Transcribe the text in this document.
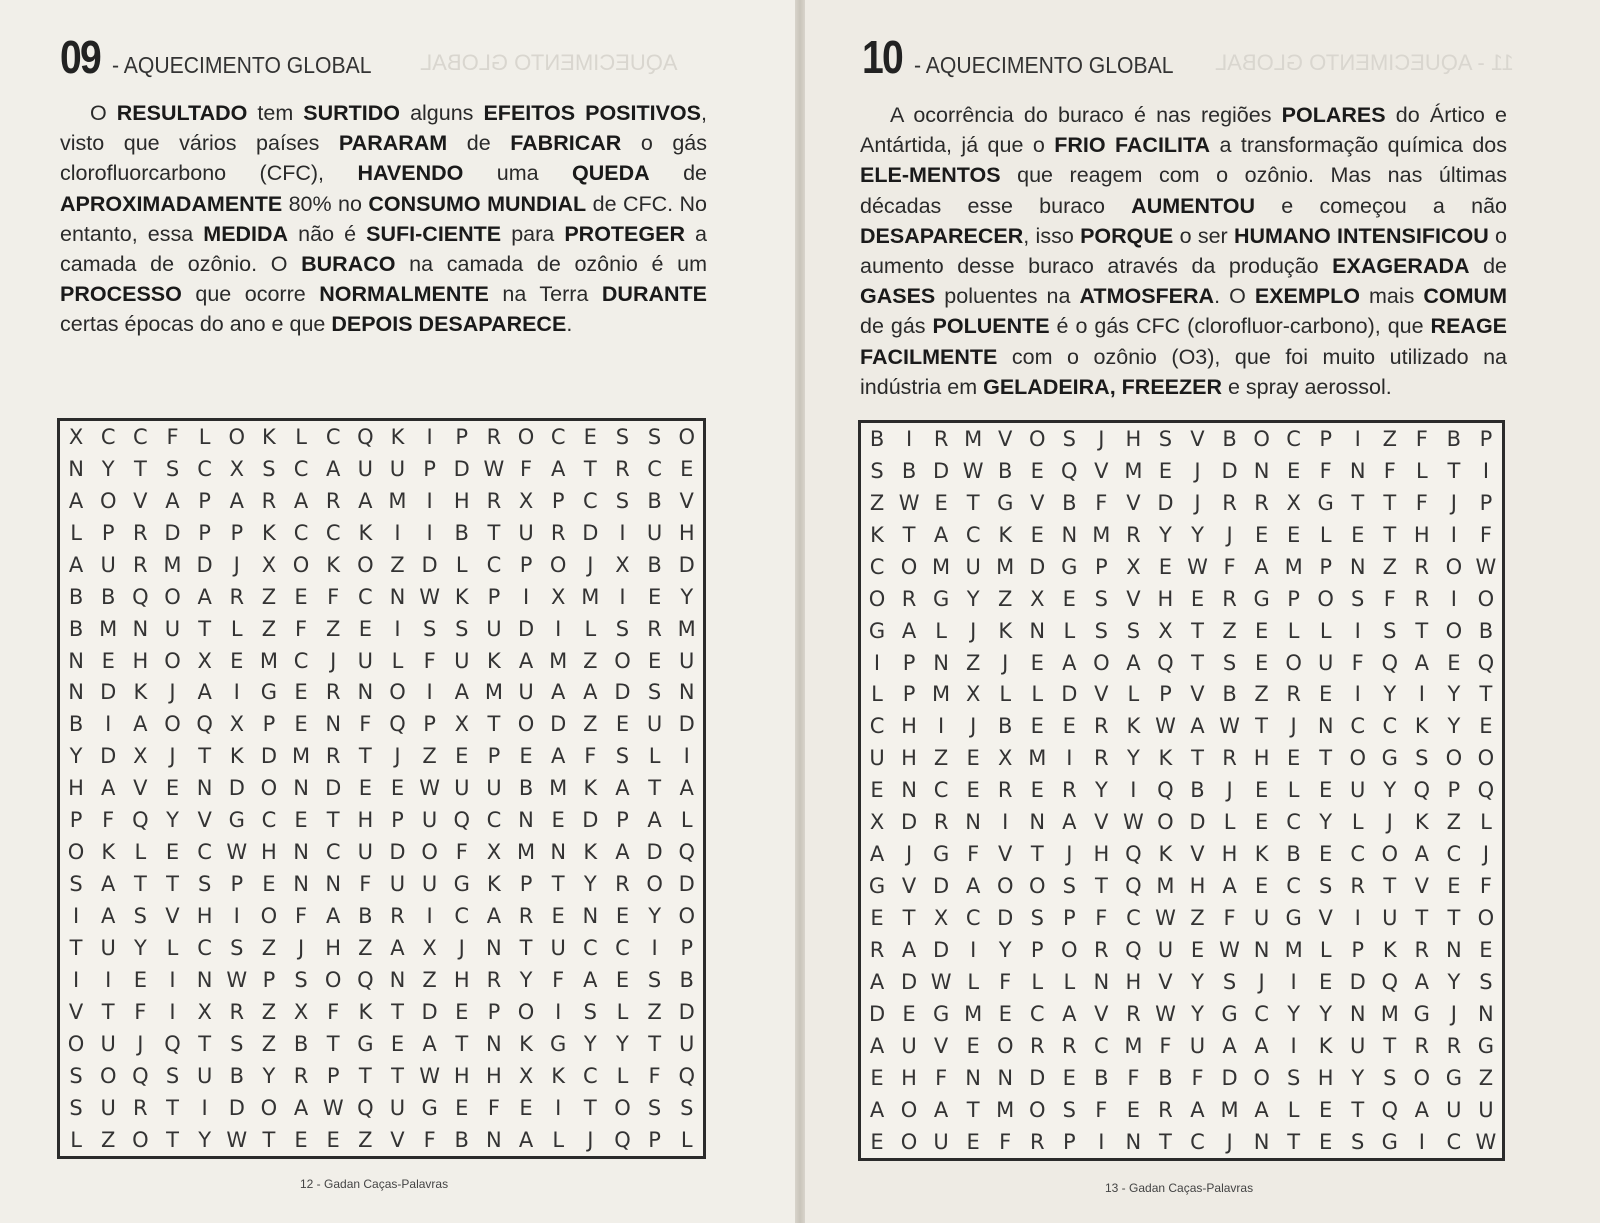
AQUECIMENTO GLOBAL
09 - AQUECIMENTO GLOBAL
O RESULTADO tem SURTIDO alguns EFEITOS POSITIVOS, visto que vários países PARARAM de FABRICAR o gás clorofluorcarbono (CFC), HAVENDO uma QUEDA de APROXIMADAMENTE 80% no CONSUMO MUNDIAL de CFC. No entanto, essa MEDIDA não é SUFI-CIENTE para PROTEGER a camada de ozônio. O BURACO na camada de ozônio é um PROCESSO que ocorre NORMALMENTE na Terra DURANTE certas épocas do ano e que DEPOIS DESAPARECE.
X C C F L O K L C Q K	I	P R O C E S S O
N Y T S C X S C A U U P D W F A T R C E
A O V A P A R A R A M I	H R X P C S B V
L P R D P P K C C K	I	I	B T U R D I	U H
A U R M D J	X O K O Z D L C P O J	X B D
B B Q O A R Z E F C N W K P	I	X M I	E Y
B M N U T L Z F Z E	I	S S U D I	L S R M
N E H O X E M C	J	U L F U K A M Z O E U
N D K	J	A	I G E R N O I	A M U A A D S N
B	I	A O Q X P E N F Q P X T O D Z E U D
Y D X	J	T K D M R T	J	Z E P E A F S L	I
H A V E N D O N D E E W U U B M K A T A
P F Q Y V G C E T H P U Q C N E D P A L
O K L E C W H N C U D O F X M N K A D Q
S A T T S P E N N F U U G K P T Y R O D
I	A S V H	I O F A B R	I	C A R E N E Y O
T U Y L C S Z	J	H Z A X	J	N T U C C	I	P
I	I	E	I	N W P S O Q N Z H R Y F A E S B
V T F	I	X R Z X F K T D E P O I	S L Z D
O U	J Q T S Z B T G E A T N K G Y Y T U
S O Q S U B Y R P T T W H H X K C L F Q
S U R T	I D O A W Q U G E F E	I	T O S S
L Z O T Y W T E E Z V F B N A L	J Q P L
12 - Gadan Caças-Palavras
11 - AQUECIMENTO GLOBAL
10 - AQUECIMENTO GLOBAL
A ocorrência do buraco é nas regiões POLARES do Ártico e Antártida, já que o FRIO FACILITA a transformação química dos ELE-MENTOS que reagem com o ozônio. Mas nas últimas décadas esse buraco AUMENTOU e começou a não DESAPARECER, isso PORQUE o ser HUMANO INTENSIFICOU o aumento desse buraco através da produção EXAGERADA de GASES poluentes na ATMOSFERA. O EXEMPLO mais COMUM de gás POLUENTE é o gás CFC (clorofluor-carbono), que REAGE FACILMENTE com o ozônio (O3), que foi muito utilizado na indústria em GELADEIRA, FREEZER e spray aerossol.
B	I	R M V O S	J	H S V B O C P	I	Z F B P
S B D W B E Q V M E	J D N E F N F L T	I
Z W E T G V B F V D J	R R X G T T F	J	P
K T A C K E N M R Y Y	J	E E L E T H	I	F
C O M U M D G P X E W F A M P N Z R O W
O R G Y Z X E S V H E R G P O S F R	I O
G A L	J	K N L S S X T Z E L L	I	S T O B
I	P N Z	J	E A O A Q T S E O U F Q A E Q
L P M X L L D V L P V B Z R E	I	Y	I	Y T
C H	I	J	B E E R K W A W T	J	N C C K Y E
U H Z E X M I	R Y K T R H E T O G S O O
E N C E R E R Y	I Q B	J	E L E U Y Q P Q
X D R N	I	N A V W O D L E C Y L	J	K Z L
A	J G F V T	J	H Q K V H K B E C O A C	J
G V D A O O S T Q M H A E C S R T V E F
E T X C D S P F C W Z F U G V	I	U T T O
R A D I	Y P O R Q U E W N M L P K R N E
A D W L F L L N H V Y S	J	I	E D Q A Y S
D E G M E C A V R W Y G C Y Y N M G J	N
A U V E O R R C M F U A A	I	K U T R R G
E H F N N D E B F B F D O S H Y S O G Z
A O A T M O S F E R A M A L E T Q A U U
E O U E F R P	I	N T C	J	N T E S G I	C W
13 - Gadan Caças-Palavras
